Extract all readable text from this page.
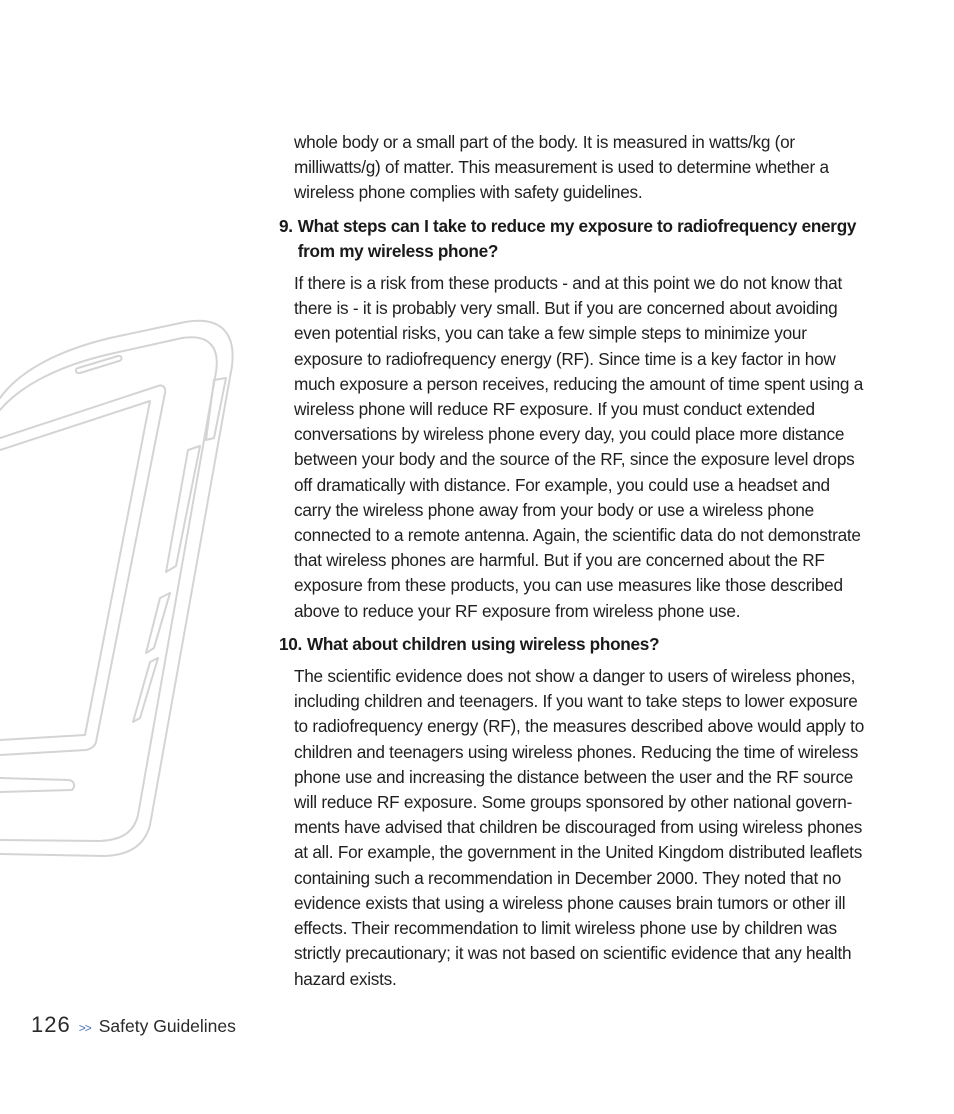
whole body or a small part of the body. It is measured in watts/kg (or milliwatts/g) of matter. This measurement is used to determine whether a wireless phone complies with safety guidelines.

9. What steps can I take to reduce my exposure to radiofrequency energy from my wireless phone?

If there is a risk from these products - and at this point we do not know that there is - it is probably very small. But if you are concerned about avoiding even potential risks, you can take a few simple steps to minimize your exposure to radiofrequency energy (RF). Since time is a key factor in how much exposure a person receives, reducing the amount of time spent using a wireless phone will reduce RF exposure. If you must conduct extended conversations by wireless phone every day, you could place more distance between your body and the source of the RF, since the exposure level drops off dramatically with distance. For example, you could use a headset and carry the wireless phone away from your body or use a wireless phone connected to a remote antenna. Again, the scientific data do not demonstrate that wireless phones are harmful. But if you are concerned about the RF exposure from these products, you can use measures like those described above to reduce your RF exposure from wireless phone use.

10. What about children using wireless phones?

The scientific evidence does not show a danger to users of wireless phones, including children and teenagers. If you want to take steps to lower exposure to radiofrequency energy (RF), the measures described above would apply to children and teenagers using wireless phones. Reducing the time of wireless phone use and increasing the distance between the user and the RF source will reduce RF exposure. Some groups sponsored by other national govern-ments have advised that children be discouraged from using wireless phones at all. For example, the government in the United Kingdom distributed leaflets containing such a recommendation in December 2000. They noted that no evidence exists that using a wireless phone causes brain tumors or other ill effects. Their recommendation to limit wireless phone use by children was strictly precautionary; it was not based on scientific evidence that any health hazard exists.

126 >> Safety Guidelines
